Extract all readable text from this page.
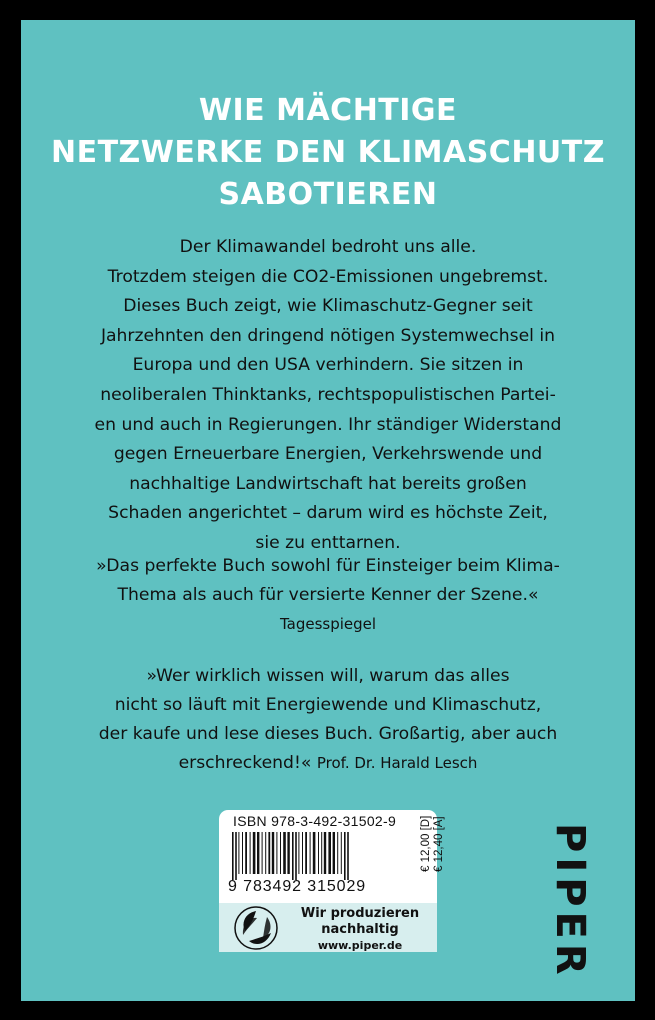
WIE MÄCHTIGE
NETZWERKE DEN KLIMASCHUTZ
SABOTIEREN
Der Klimawandel bedroht uns alle.
Trotzdem steigen die CO2-Emissionen ungebremst.
Dieses Buch zeigt, wie Klimaschutz-Gegner seit
Jahrzehnten den dringend nötigen Systemwechsel in
Europa und den USA verhindern. Sie sitzen in
neoliberalen Thinktanks, rechtspopulistischen Partei-
en und auch in Regierungen. Ihr ständiger Widerstand
gegen Erneuerbare Energien, Verkehrswende und
nachhaltige Landwirtschaft hat bereits großen
Schaden angerichtet – darum wird es höchste Zeit,
sie zu enttarnen.
»Das perfekte Buch sowohl für Einsteiger beim Klima-
Thema als auch für versierte Kenner der Szene.«
Tagesspiegel
»Wer wirklich wissen will, warum das alles
nicht so läuft mit Energiewende und Klimaschutz,
der kaufe und lese dieses Buch. Großartig, aber auch
erschreckend!« Prof. Dr. Harald Lesch
ISBN 978-3-492-31502-9
9 783492 315029
€ 12,00 [D] € 12,40 [A]
Wir produzieren
nachhaltig
www.piper.de	PIPER
